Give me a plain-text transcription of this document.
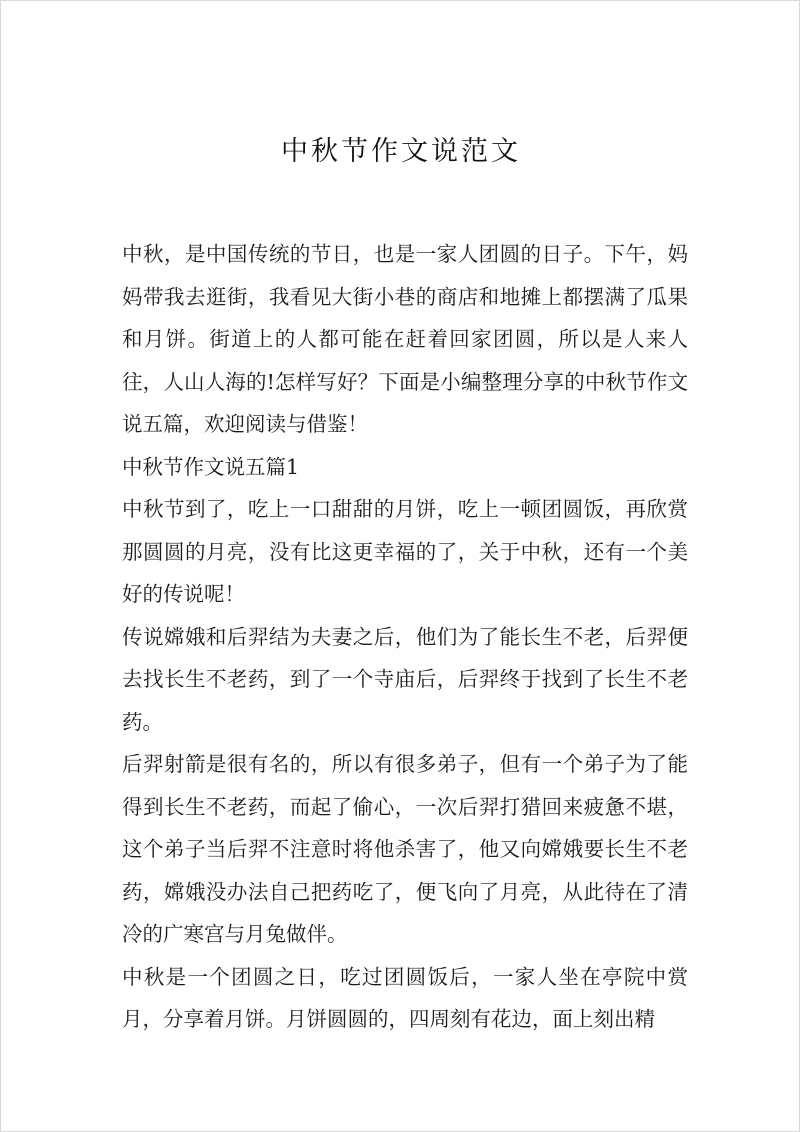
中秋节作文说范文

中秋，是中国传统的节日，也是一家人团圆的日子。下午，妈妈带我去逛街，我看见大街小巷的商店和地摊上都摆满了瓜果和月饼。街道上的人都可能在赶着回家团圆，所以是人来人往，人山人海的!怎样写好？下面是小编整理分享的中秋节作文说五篇，欢迎阅读与借鉴！

中秋节作文说五篇1

中秋节到了，吃上一口甜甜的月饼，吃上一顿团圆饭，再欣赏那圆圆的月亮，没有比这更幸福的了，关于中秋，还有一个美好的传说呢！

传说嫦娥和后羿结为夫妻之后，他们为了能长生不老，后羿便去找长生不老药，到了一个寺庙后，后羿终于找到了长生不老药。

后羿射箭是很有名的，所以有很多弟子，但有一个弟子为了能得到长生不老药，而起了偷心，一次后羿打猎回来疲惫不堪，这个弟子当后羿不注意时将他杀害了，他又向嫦娥要长生不老药，嫦娥没办法自己把药吃了，便飞向了月亮，从此待在了清冷的广寒宫与月兔做伴。

中秋是一个团圆之日，吃过团圆饭后，一家人坐在亭院中赏月，分享着月饼。月饼圆圆的，四周刻有花边，面上刻出精
